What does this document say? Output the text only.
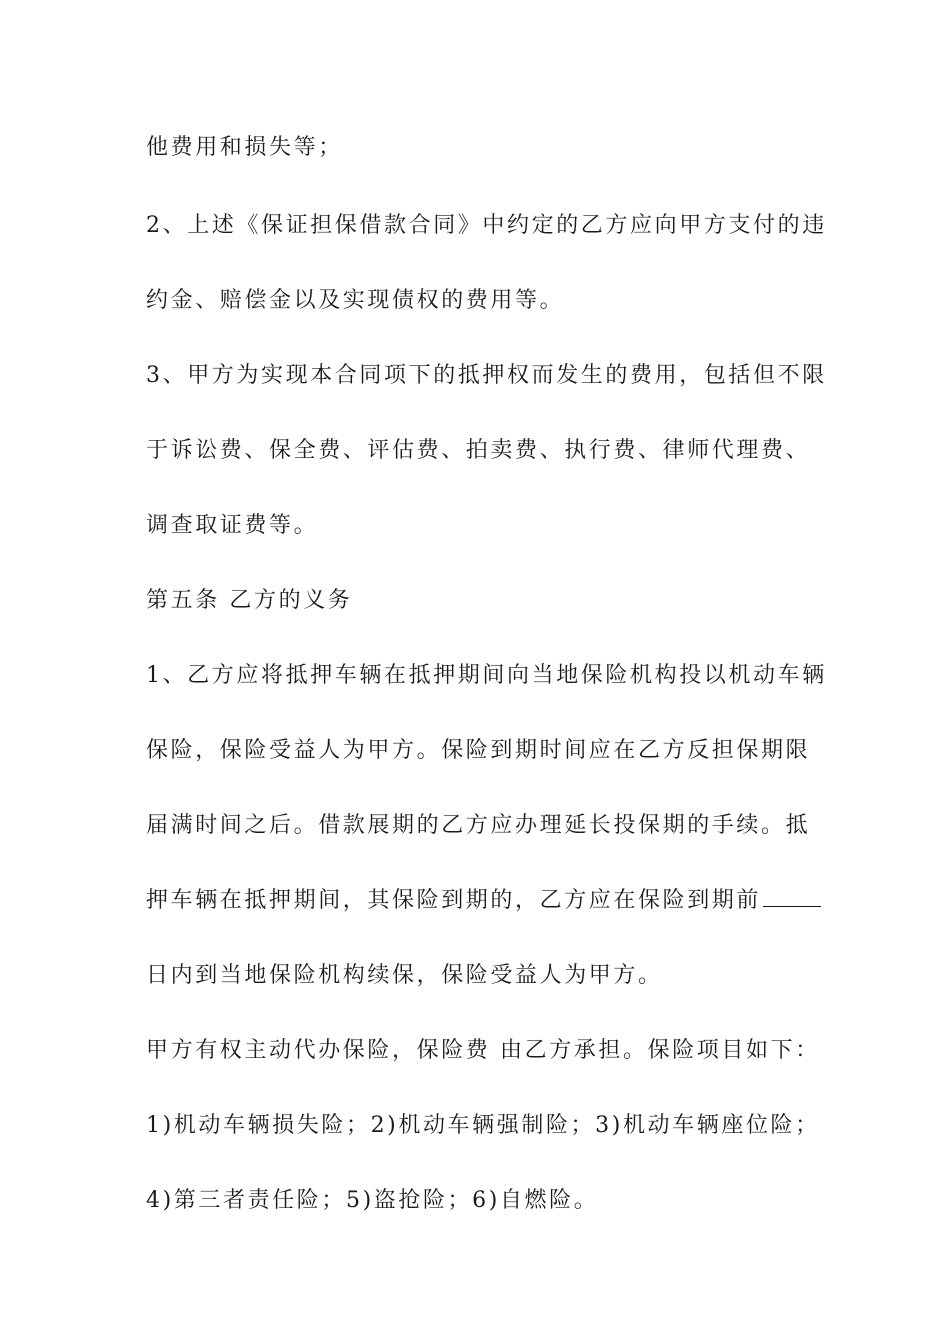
他费用和损失等；
2、上述《保证担保借款合同》中约定的乙方应向甲方支付的违
约金、赔偿金以及实现债权的费用等。
3、甲方为实现本合同项下的抵押权而发生的费用，包括但不限
于诉讼费、保全费、评估费、拍卖费、执行费、律师代理费、
调查取证费等。
第五条 乙方的义务
1、乙方应将抵押车辆在抵押期间向当地保险机构投以机动车辆
保险，保险受益人为甲方。保险到期时间应在乙方反担保期限
届满时间之后。借款展期的乙方应办理延长投保期的手续。抵
押车辆在抵押期间，其保险到期的，乙方应在保险到期前
日内到当地保险机构续保，保险受益人为甲方。
甲方有权主动代办保险，保险费 由乙方承担。保险项目如下：
1)机动车辆损失险；2)机动车辆强制险；3)机动车辆座位险；
4)第三者责任险；5)盗抢险；6)自燃险。
